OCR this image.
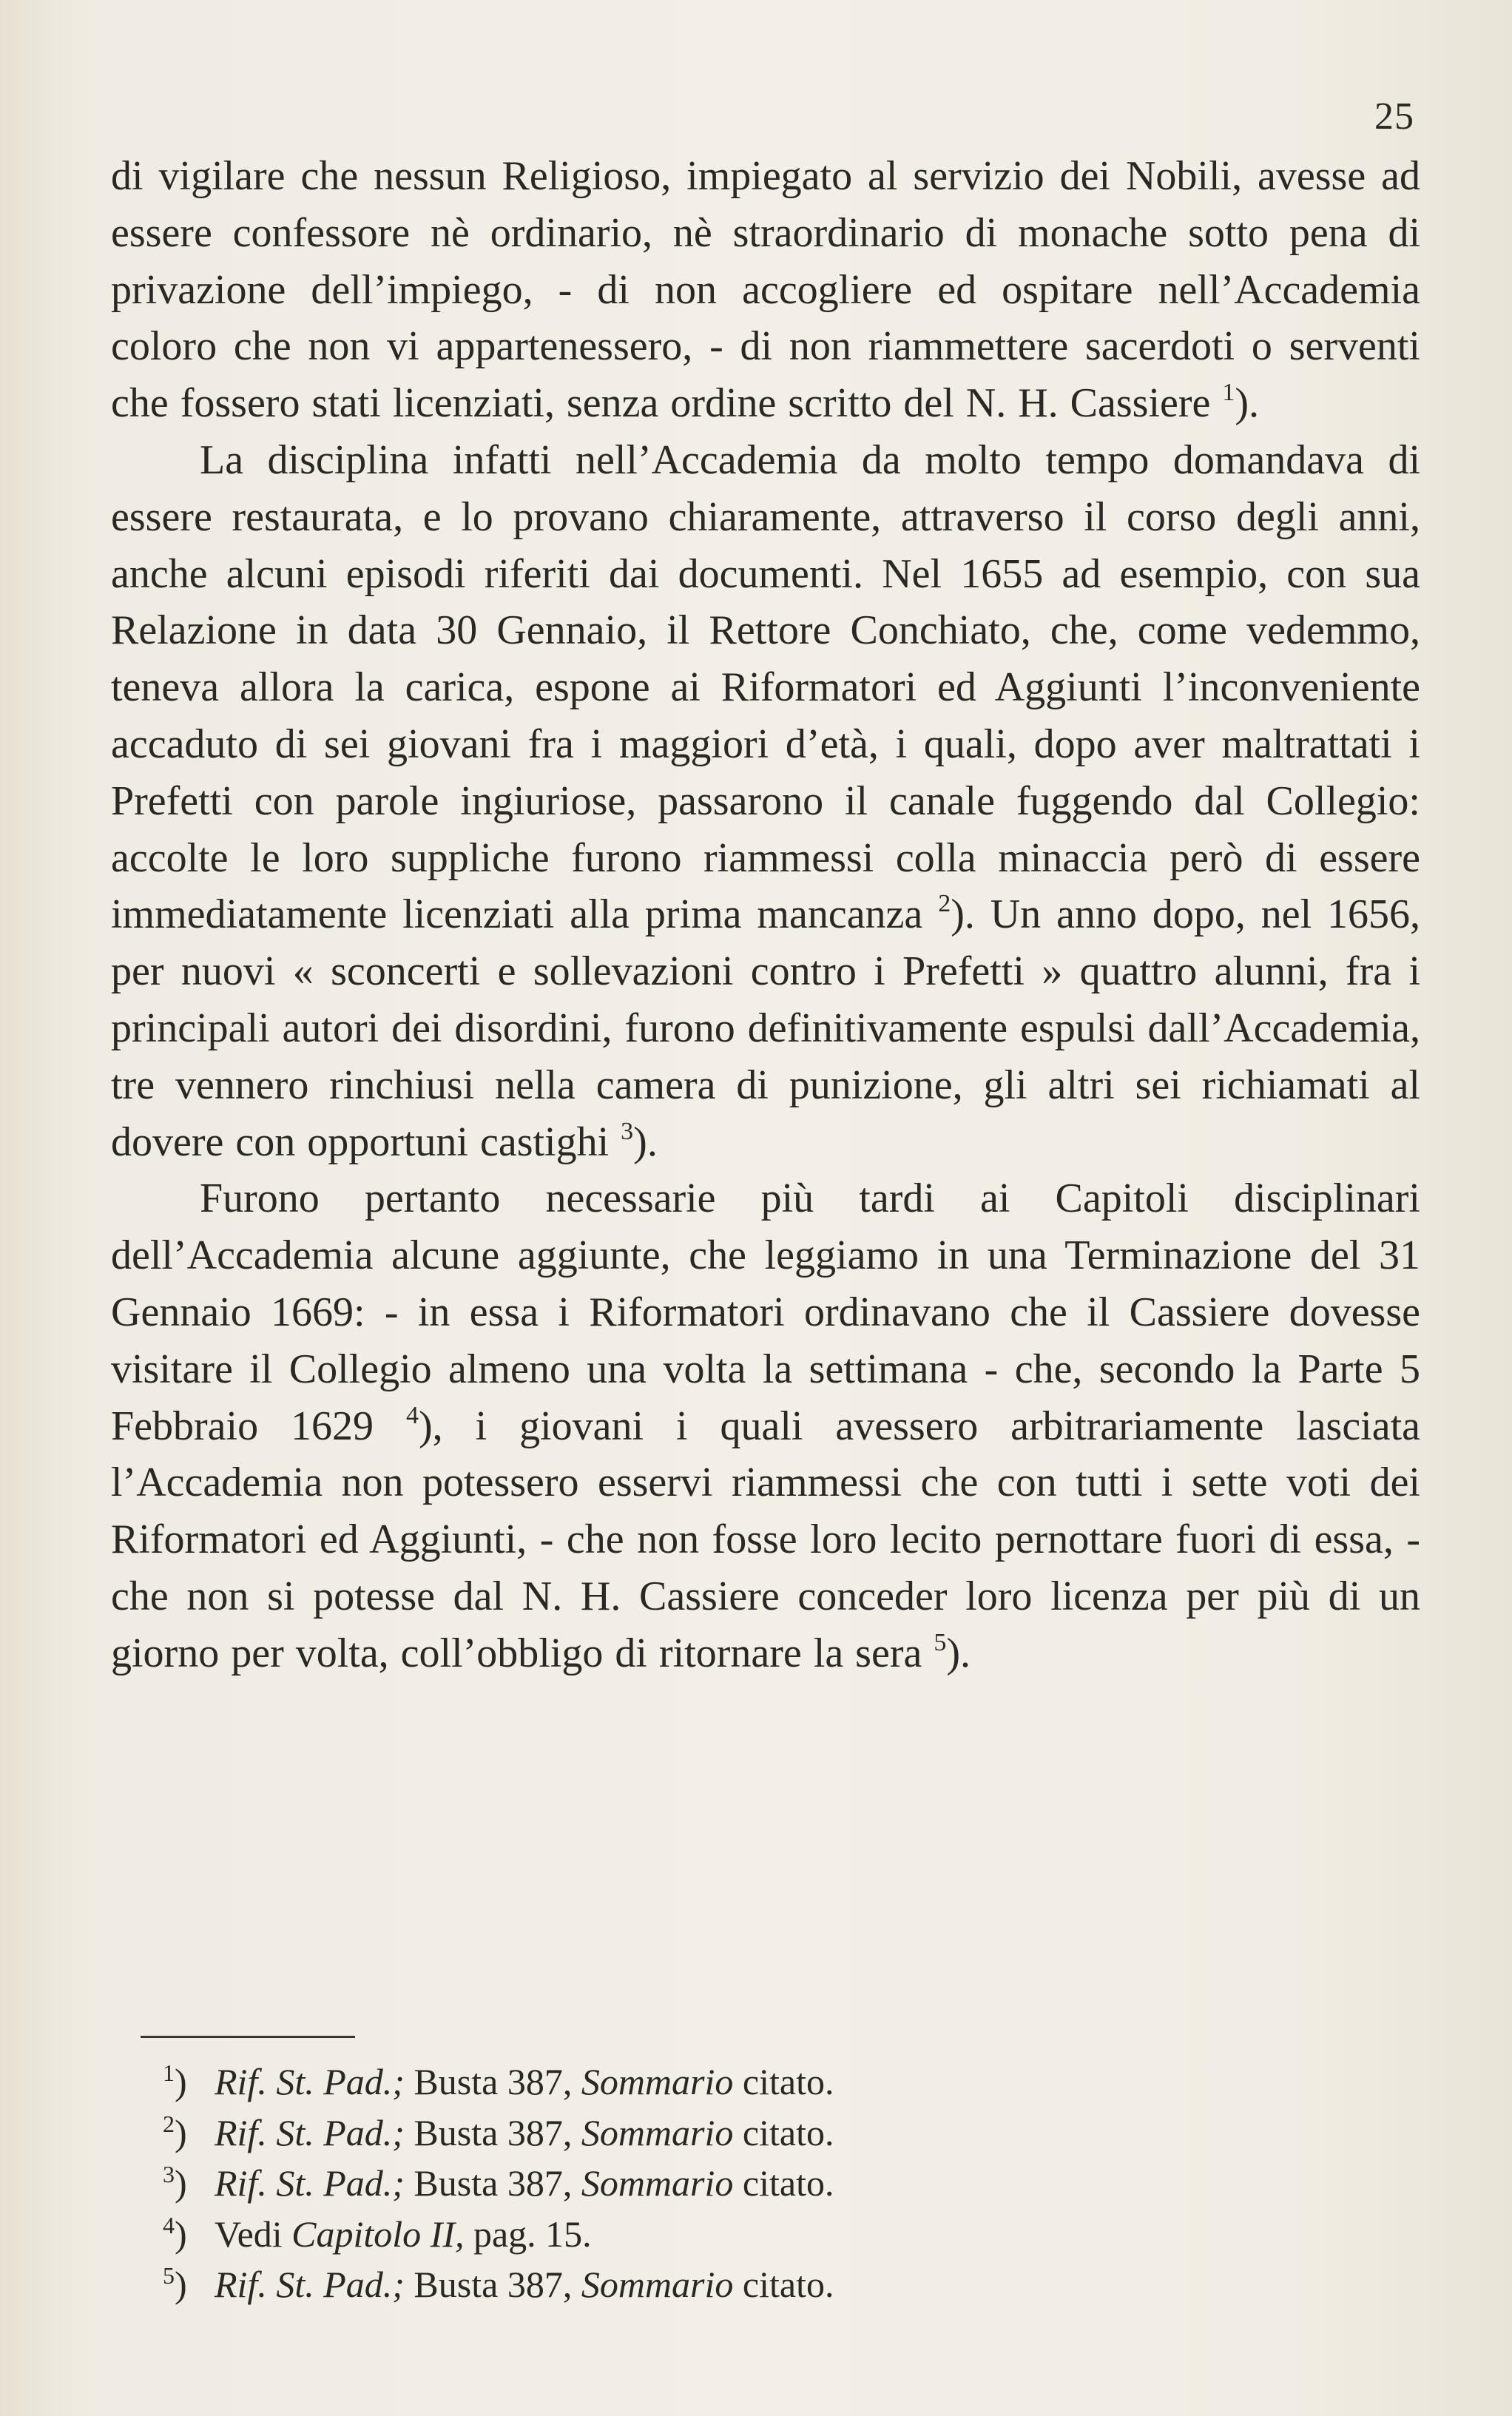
25

di vigilare che nessun Religioso, impiegato al servizio dei Nobili, avesse ad essere confessore nè ordinario, nè straordinario di monache sotto pena di privazione dell’impiego, - di non accogliere ed ospitare nell’Accademia coloro che non vi appartenessero, - di non riammettere sacerdoti o serventi che fossero stati licenziati, senza ordine scritto del N. H. Cassiere $^1$).

La disciplina infatti nell’Accademia da molto tempo domandava di essere restaurata, e lo provano chiaramente, attraverso il corso degli anni, anche alcuni episodi riferiti dai documenti. Nel 1655 ad esempio, con sua Relazione in data 30 Gennaio, il Rettore Conchiato, che, come vedemmo, teneva allora la carica, espone ai Riformatori ed Aggiunti l’inconveniente accaduto di sei giovani fra i maggiori d’età, i quali, dopo aver maltrattati i Prefetti con parole ingiuriose, passarono il canale fuggendo dal Collegio: accolte le loro suppliche furono riammessi colla minaccia però di essere immediatamente licenziati alla prima mancanza $^2$). Un anno dopo, nel 1656, per nuovi « sconcerti e sollevazioni contro i Prefetti » quattro alunni, fra i principali autori dei disordini, furono definitivamente espulsi dall’Accademia, tre vennero rinchiusi nella camera di punizione, gli altri sei richiamati al dovere con opportuni castighi $^3$).

Furono pertanto necessarie più tardi ai Capitoli disciplinari dell’Accademia alcune aggiunte, che leggiamo in una Terminazione del 31 Gennaio 1669: - in essa i Riformatori ordinavano che il Cassiere dovesse visitare il Collegio almeno una volta la settimana - che, secondo la Parte 5 Febbraio 1629 $^4$), i giovani i quali avessero arbitrariamente lasciata l’Accademia non potessero esservi riammessi che con tutti i sette voti dei Riformatori ed Aggiunti, - che non fosse loro lecito pernottare fuori di essa, - che non si potesse dal N. H. Cassiere conceder loro licenza per più di un giorno per volta, coll’obbligo di ritornare la sera $^5$).

$^1$) Rif. St. Pad.; Busta 387, Sommario citato.
$^2$) Rif. St. Pad.; Busta 387, Sommario citato.
$^3$) Rif. St. Pad.; Busta 387, Sommario citato.
$^4$) Vedi Capitolo II, pag. 15.
$^5$) Rif. St. Pad.; Busta 387, Sommario citato.
